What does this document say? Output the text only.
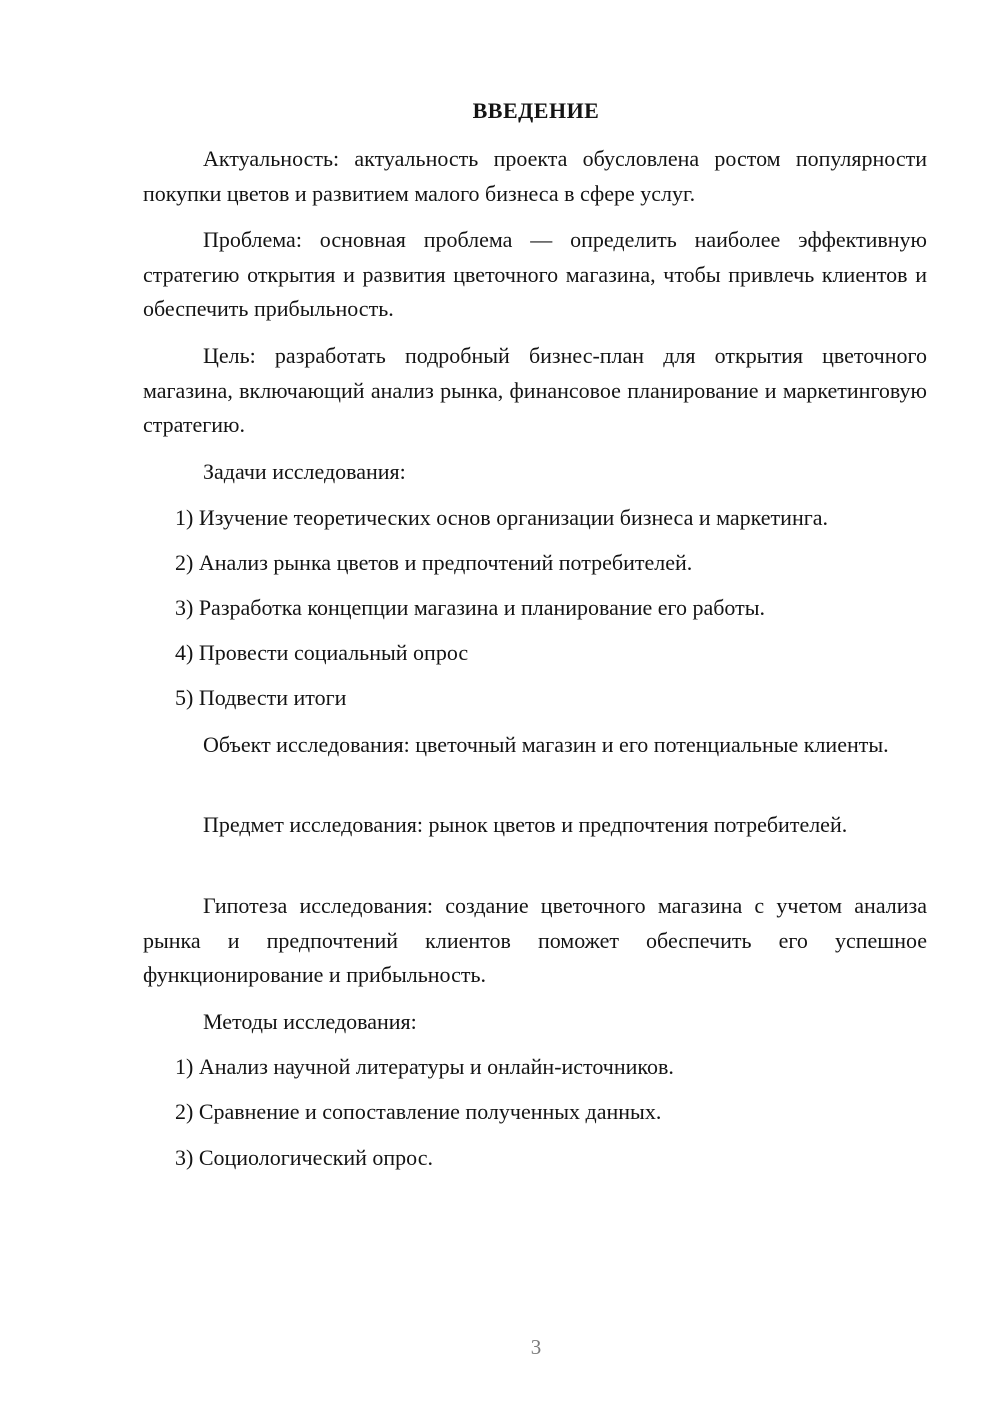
ВВЕДЕНИЕ

Актуальность: актуальность проекта обусловлена ростом популярности покупки цветов и развитием малого бизнеса в сфере услуг.

Проблема: основная проблема — определить наиболее эффективную стратегию открытия и развития цветочного магазина, чтобы привлечь клиентов и обеспечить прибыльность.

Цель: разработать подробный бизнес-план для открытия цветочного магазина, включающий анализ рынка, финансовое планирование и маркетинговую стратегию.

Задачи исследования:

1) Изучение теоретических основ организации бизнеса и маркетинга.

2) Анализ рынка цветов и предпочтений потребителей.

3) Разработка концепции магазина и планирование его работы.

4) Провести социальный опрос

5) Подвести итоги

Объект исследования: цветочный магазин и его потенциальные клиенты.

Предмет исследования: рынок цветов и предпочтения потребителей.

Гипотеза исследования: создание цветочного магазина с учетом анализа рынка и предпочтений клиентов поможет обеспечить его успешное функционирование и прибыльность.

Методы исследования:

1) Анализ научной литературы и онлайн-источников.

2) Сравнение и сопоставление полученных данных.

3) Социологический опрос.

3
